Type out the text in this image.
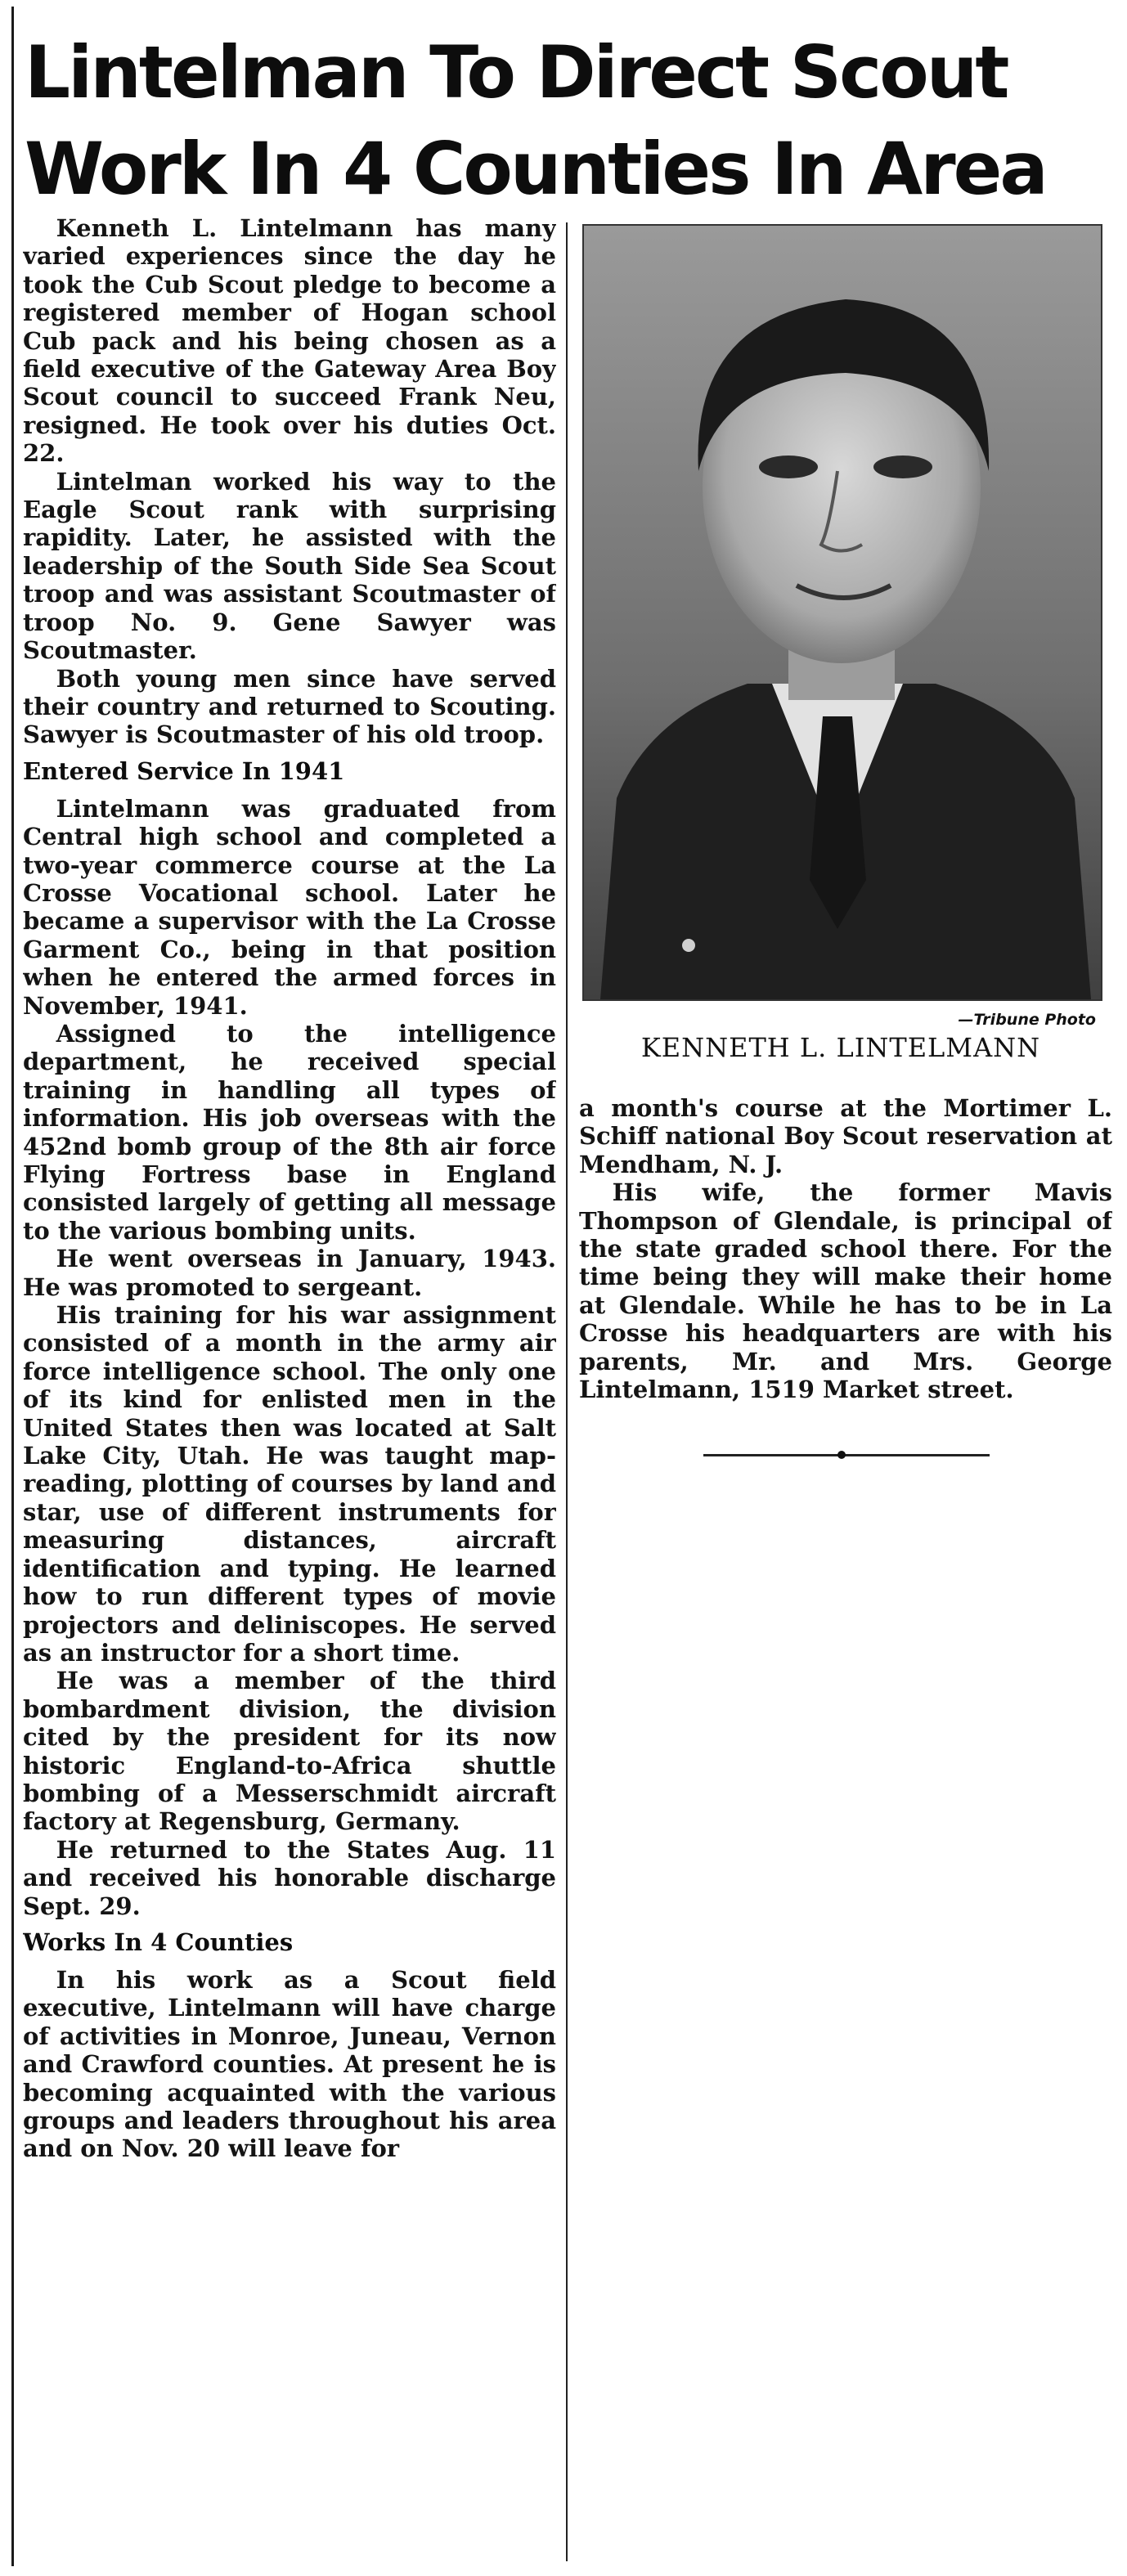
Lintelman To Direct Scout
Work In 4 Counties In Area

Kenneth L. Lintelmann has many varied experiences since the day he took the Cub Scout pledge to become a registered member of Hogan school Cub pack and his being chosen as a field executive of the Gateway Area Boy Scout council to succeed Frank Neu, resigned. He took over his duties Oct. 22.

Lintelman worked his way to the Eagle Scout rank with surprising rapidity. Later, he assisted with the leadership of the South Side Sea Scout troop and was assistant Scoutmaster of troop No. 9. Gene Sawyer was Scoutmaster.

Both young men since have served their country and returned to Scouting. Sawyer is Scoutmaster of his old troop.

Entered Service In 1941

Lintelmann was graduated from Central high school and completed a two-year commerce course at the La Crosse Vocational school. Later he became a supervisor with the La Crosse Garment Co., being in that position when he entered the armed forces in November, 1941.

Assigned to the intelligence department, he received special training in handling all types of information. His job overseas with the 452nd bomb group of the 8th air force Flying Fortress base in England consisted largely of getting all message to the various bombing units.

He went overseas in January, 1943. He was promoted to sergeant.

His training for his war assignment consisted of a month in the army air force intelligence school. The only one of its kind for enlisted men in the United States then was located at Salt Lake City, Utah. He was taught map-reading, plotting of courses by land and star, use of different instruments for measuring distances, aircraft identification and typing. He learned how to run different types of movie projectors and deliniscopes. He served as an instructor for a short time.

He was a member of the third bombardment division, the division cited by the president for its now historic England-to-Africa shuttle bombing of a Messerschmidt aircraft factory at Regensburg, Germany.

He returned to the States Aug. 11 and received his honorable discharge Sept. 29.

Works In 4 Counties

In his work as a Scout field executive, Lintelmann will have charge of activities in Monroe, Juneau, Vernon and Crawford counties. At present he is becoming acquainted with the various groups and leaders throughout his area and on Nov. 20 will leave for

—Tribune Photo
KENNETH L. LINTELMANN

a month's course at the Mortimer L. Schiff national Boy Scout reservation at Mendham, N. J.

His wife, the former Mavis Thompson of Glendale, is principal of the state graded school there. For the time being they will make their home at Glendale. While he has to be in La Crosse his headquarters are with his parents, Mr. and Mrs. George Lintelmann, 1519 Market street.
